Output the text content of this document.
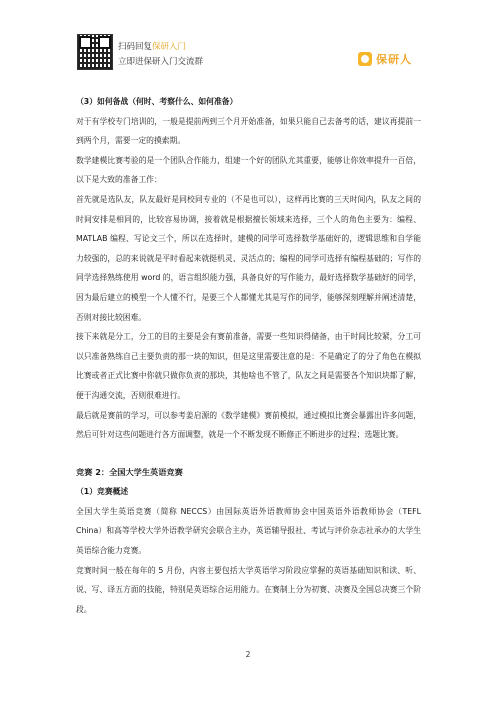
扫码回复保研入门
立即进保研入门交流群	保研人

（3）如何备战（何时、考察什么、如何准备）

对于有学校专门培训的，一般是提前两到三个月开始准备，如果只能自己去备考的话，建议再提前一到两个月，需要一定的摸索期。

数学建模比赛考验的是一个团队合作能力，组建一个好的团队尤其重要，能够让你效率提升一百倍，以下是大致的准备工作：

首先就是选队友，队友最好是同校同专业的（不是也可以），这样再比赛的三天时间内，队友之间的时间安排是相同的，比较容易协调，接着就是根据擅长领域来选择，三个人的角色主要为：编程、MATLAB 编程、写论文三个，所以在选择时，建模的同学可选择数学基础好的，逻辑思维和自学能力较强的，总的来说就是平时看起来就挺机灵、灵活点的；编程的同学可选择有编程基础的；写作的同学选择熟练使用 word 的，语言组织能力强，具备良好的写作能力，最好选择数学基础好的同学，因为最后建立的模型一个人懂不行，是要三个人都懂尤其是写作的同学，能够深刻理解并阐述清楚，否则对接比较困难。

接下来就是分工，分工的目的主要是会有赛前准备，需要一些知识得储备，由于时间比较紧，分工可以只准备熟练自己主要负责的那一块的知识，但是这里需要注意的是：不是确定了的分了角色在模拟比赛或者正式比赛中你就只做你负责的那块，其他啥也不管了，队友之间是需要各个知识块都了解，便于沟通交流，否则很难进行。

最后就是赛前的学习，可以参考姜启源的《数学建模》赛前模拟，通过模拟比赛会暴露出许多问题，然后可针对这些问题进行各方面调整，就是一个不断发现不断修正不断进步的过程；选题比赛。

竞赛 2：全国大学生英语竞赛

（1）竞赛概述

全国大学生英语竞赛（简称 NECCS）由国际英语外语教师协会中国英语外语教师协会（TEFL China）和高等学校大学外语教学研究会联合主办，英语辅导报社、考试与评价杂志社承办的大学生英语综合能力竞赛。

竞赛时间一般在每年的 5 月份，内容主要包括大学英语学习阶段应掌握的英语基础知识和读、听、说、写、译五方面的技能，特别是英语综合运用能力。在赛制上分为初赛、决赛及全国总决赛三个阶段。

2
